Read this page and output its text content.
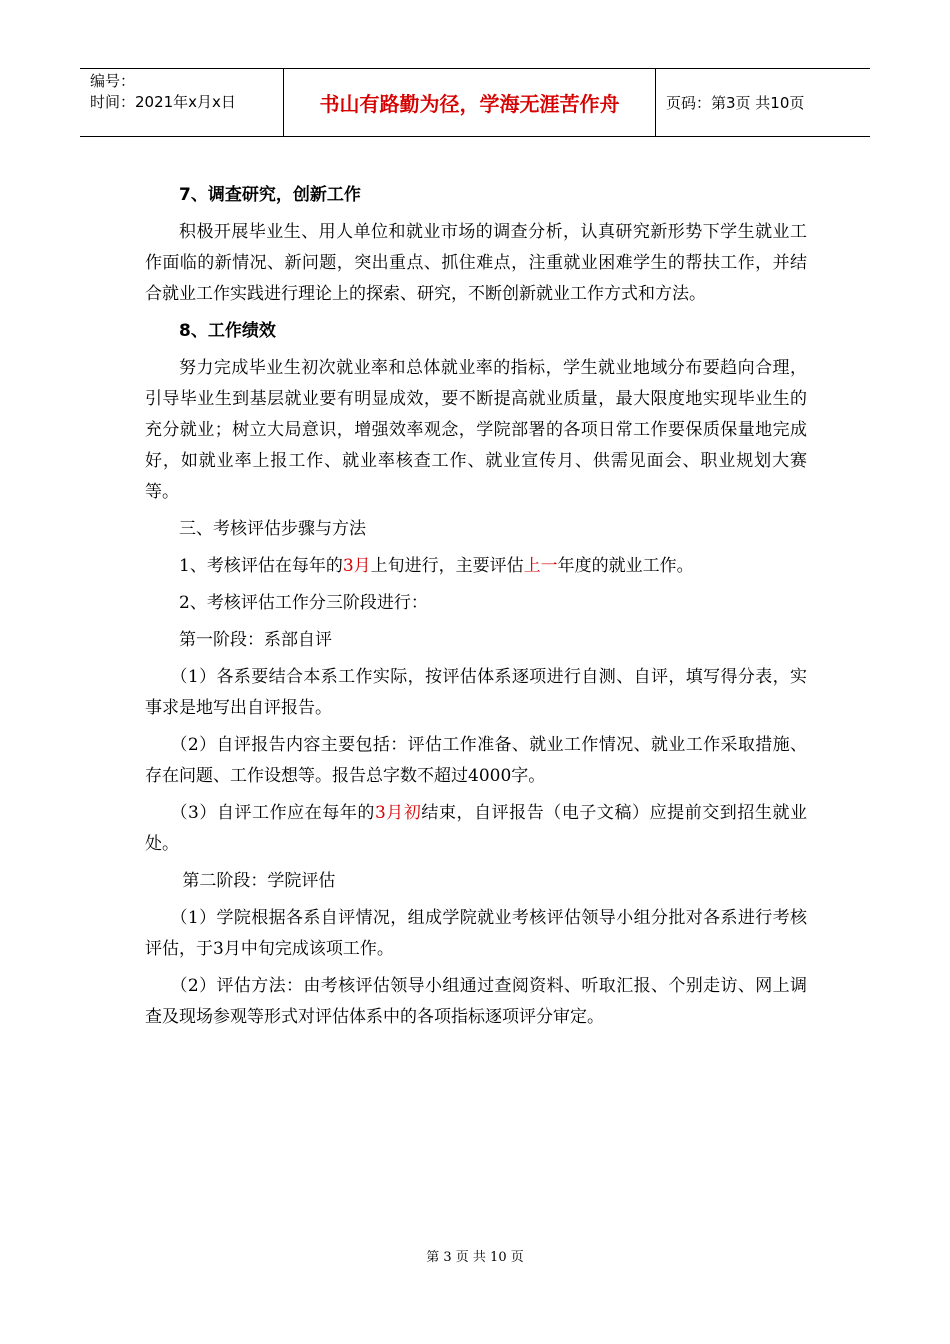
编号：
时间：2021年x月x日	书山有路勤为径，学海无涯苦作舟	页码：第3页 共10页

7、调查研究，创新工作

积极开展毕业生、用人单位和就业市场的调查分析，认真研究新形势下学生就业工作面临的新情况、新问题，突出重点、抓住难点，注重就业困难学生的帮扶工作，并结合就业工作实践进行理论上的探索、研究，不断创新就业工作方式和方法。

8、工作绩效

努力完成毕业生初次就业率和总体就业率的指标，学生就业地域分布要趋向合理，引导毕业生到基层就业要有明显成效，要不断提高就业质量，最大限度地实现毕业生的充分就业；树立大局意识，增强效率观念，学院部署的各项日常工作要保质保量地完成好，如就业率上报工作、就业率核查工作、就业宣传月、供需见面会、职业规划大赛等。

三、考核评估步骤与方法

1、考核评估在每年的3月上旬进行，主要评估上一年度的就业工作。

2、考核评估工作分三阶段进行：

第一阶段：系部自评

（1）各系要结合本系工作实际，按评估体系逐项进行自测、自评，填写得分表，实事求是地写出自评报告。

（2）自评报告内容主要包括：评估工作准备、就业工作情况、就业工作采取措施、存在问题、工作设想等。报告总字数不超过4000字。

（3）自评工作应在每年的3月初结束，自评报告（电子文稿）应提前交到招生就业处。

第二阶段：学院评估

（1）学院根据各系自评情况，组成学院就业考核评估领导小组分批对各系进行考核评估，于3月中旬完成该项工作。

（2）评估方法：由考核评估领导小组通过查阅资料、听取汇报、个别走访、网上调查及现场参观等形式对评估体系中的各项指标逐项评分审定。

第 3 页 共 10 页
